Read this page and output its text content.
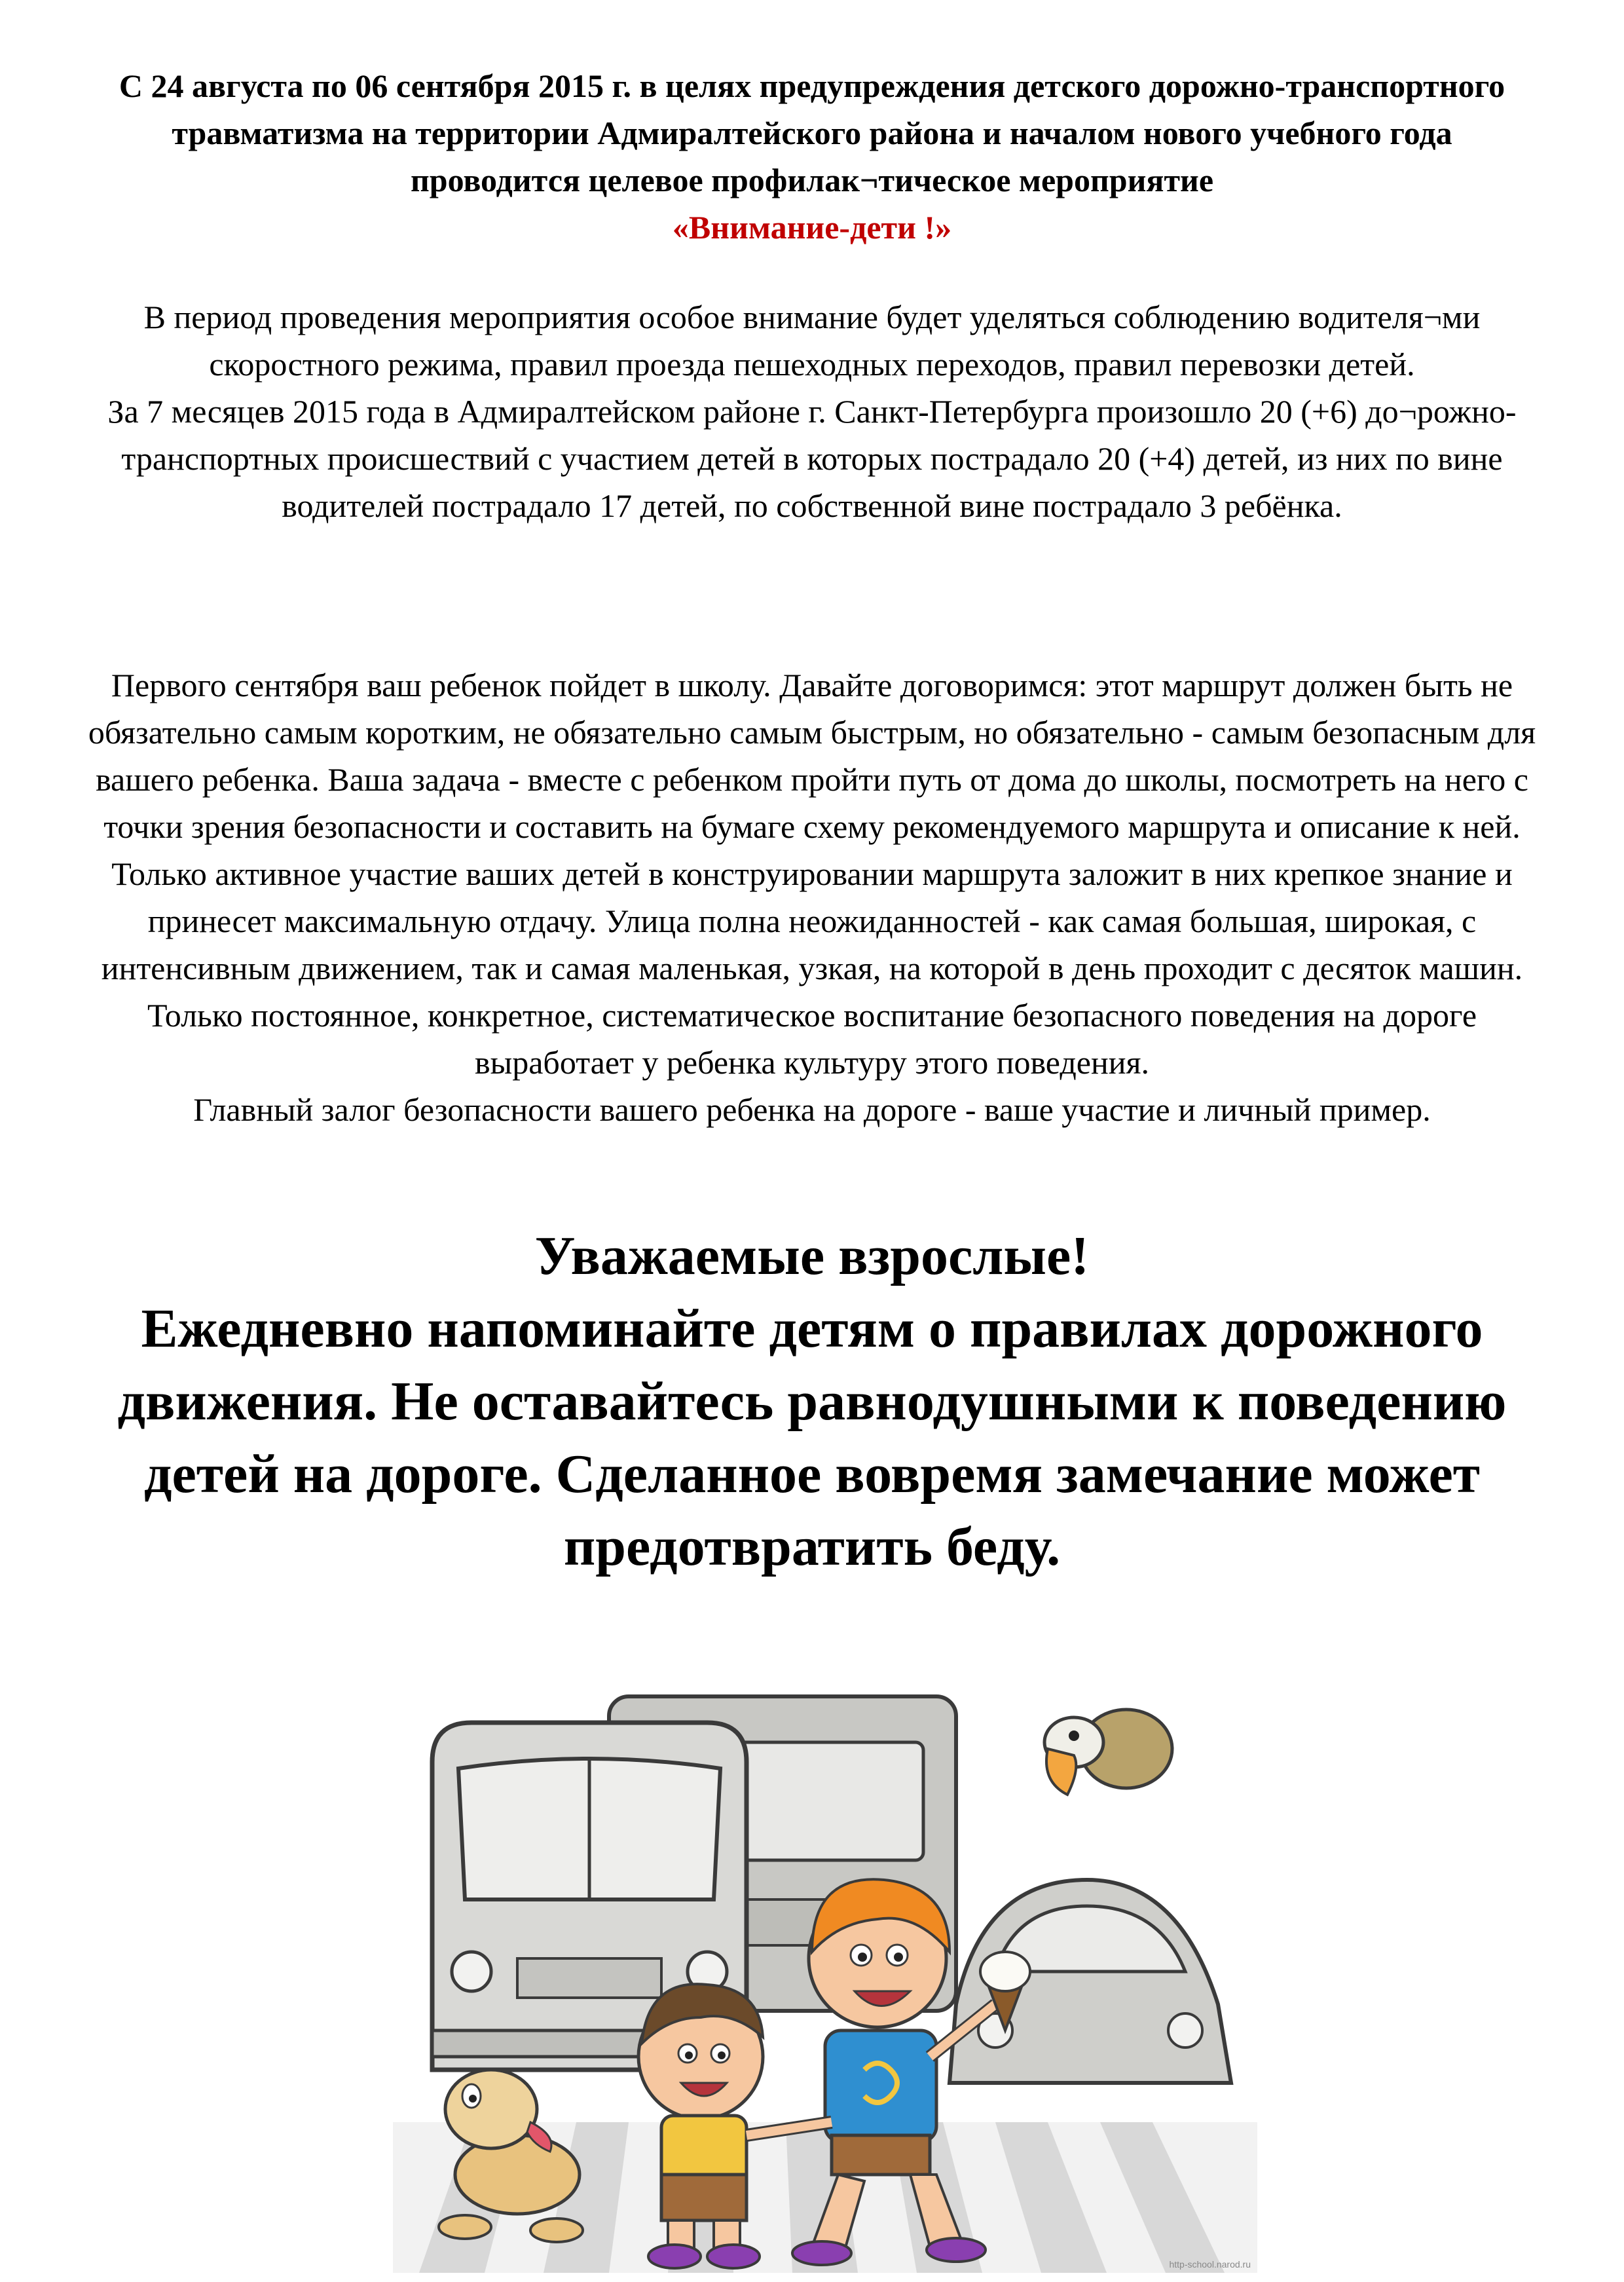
С 24 августа по 06 сентября 2015 г. в целях предупреждения детского дорожно-транспортного травматизма на территории Адмиралтейского района и началом нового учебного года проводится целевое профилак¬тическое мероприятие
«Внимание-дети !»
В период проведения мероприятия особое внимание будет уделяться соблюдению водителя¬ми скоростного режима, правил проезда пешеходных переходов, правил перевозки детей.
За 7 месяцев 2015 года в Адмиралтейском районе г. Санкт-Петербурга произошло 20 (+6) до¬рожно-транспортных происшествий с участием детей в которых пострадало 20 (+4) детей, из них по вине водителей пострадало 17 детей, по собственной вине пострадало 3 ребёнка.
Первого сентября ваш ребенок пойдет в школу. Давайте договоримся: этот маршрут должен быть не обязательно самым коротким, не обязательно самым быстрым, но обязательно - самым безопасным для вашего ребенка. Ваша задача - вместе с ребенком пройти путь от дома до школы, посмотреть на него с точки зрения безопасности и составить на бумаге схему рекомендуемого маршрута и описание к ней. Только активное участие ваших детей в конструировании маршрута заложит в них крепкое знание и принесет максимальную отдачу. Улица полна неожиданностей - как самая большая, широкая, с интенсивным движением, так и самая маленькая, узкая, на которой в день проходит с десяток машин. Только постоянное, конкретное, систематическое воспитание безопасного поведения на дороге выработает у ребенка культуру этого поведения.
Главный залог безопасности вашего ребенка на дороге - ваше участие и личный пример.
Уважаемые взрослые!
Ежедневно напоминайте детям о правилах дорожного движения. Не оставайтесь равнодушными к поведению детей на дороге. Сделанное вовремя замечание может предотвратить беду.
http-school.narod.ru
